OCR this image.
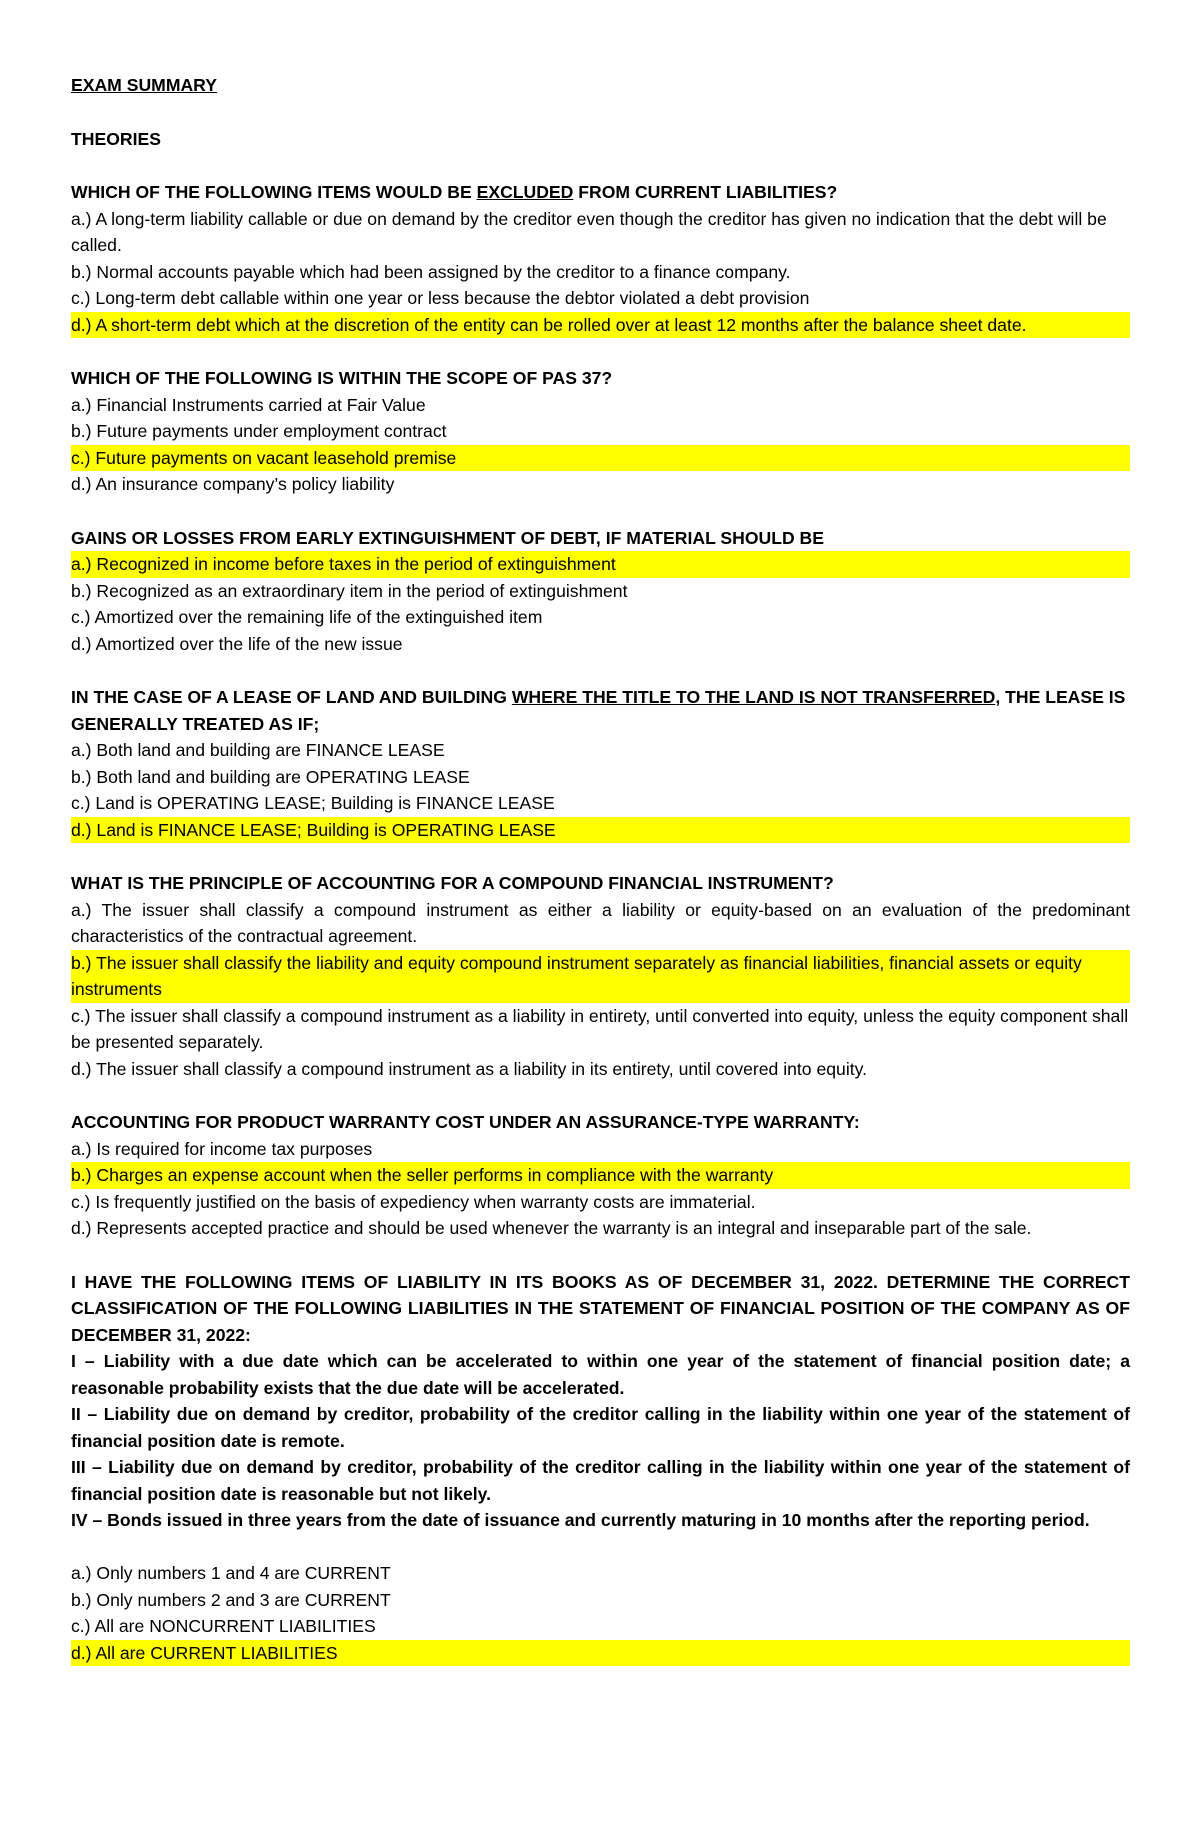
EXAM SUMMARY
THEORIES
WHICH OF THE FOLLOWING ITEMS WOULD BE EXCLUDED FROM CURRENT LIABILITIES?
a.) A long-term liability callable or due on demand by the creditor even though the creditor has given no indication that the debt will be called.
b.) Normal accounts payable which had been assigned by the creditor to a finance company.
c.) Long-term debt callable within one year or less because the debtor violated a debt provision
d.) A short-term debt which at the discretion of the entity can be rolled over at least 12 months after the balance sheet date.
WHICH OF THE FOLLOWING IS WITHIN THE SCOPE OF PAS 37?
a.) Financial Instruments carried at Fair Value
b.) Future payments under employment contract
c.) Future payments on vacant leasehold premise
d.) An insurance company’s policy liability
GAINS OR LOSSES FROM EARLY EXTINGUISHMENT OF DEBT, IF MATERIAL SHOULD BE
a.) Recognized in income before taxes in the period of extinguishment
b.) Recognized as an extraordinary item in the period of extinguishment
c.) Amortized over the remaining life of the extinguished item
d.) Amortized over the life of the new issue
IN THE CASE OF A LEASE OF LAND AND BUILDING WHERE THE TITLE TO THE LAND IS NOT TRANSFERRED, THE LEASE IS GENERALLY TREATED AS IF;
a.) Both land and building are FINANCE LEASE
b.) Both land and building are OPERATING LEASE
c.) Land is OPERATING LEASE; Building is FINANCE LEASE
d.) Land is FINANCE LEASE; Building is OPERATING LEASE
WHAT IS THE PRINCIPLE OF ACCOUNTING FOR A COMPOUND FINANCIAL INSTRUMENT?
a.) The issuer shall classify a compound instrument as either a liability or equity-based on an evaluation of the predominant characteristics of the contractual agreement.
b.) The issuer shall classify the liability and equity compound instrument separately as financial liabilities, financial assets or equity instruments
c.) The issuer shall classify a compound instrument as a liability in entirety, until converted into equity, unless the equity component shall be presented separately.
d.) The issuer shall classify a compound instrument as a liability in its entirety, until covered into equity.
ACCOUNTING FOR PRODUCT WARRANTY COST UNDER AN ASSURANCE-TYPE WARRANTY:
a.) Is required for income tax purposes
b.) Charges an expense account when the seller performs in compliance with the warranty
c.) Is frequently justified on the basis of expediency when warranty costs are immaterial.
d.) Represents accepted practice and should be used whenever the warranty is an integral and inseparable part of the sale.
I HAVE THE FOLLOWING ITEMS OF LIABILITY IN ITS BOOKS AS OF DECEMBER 31, 2022. DETERMINE THE CORRECT CLASSIFICATION OF THE FOLLOWING LIABILITIES IN THE STATEMENT OF FINANCIAL POSITION OF THE COMPANY AS OF DECEMBER 31, 2022:
I – Liability with a due date which can be accelerated to within one year of the statement of financial position date; a reasonable probability exists that the due date will be accelerated.
II – Liability due on demand by creditor, probability of the creditor calling in the liability within one year of the statement of financial position date is remote.
III – Liability due on demand by creditor, probability of the creditor calling in the liability within one year of the statement of financial position date is reasonable but not likely.
IV – Bonds issued in three years from the date of issuance and currently maturing in 10 months after the reporting period.
a.) Only numbers 1 and 4 are CURRENT
b.) Only numbers 2 and 3 are CURRENT
c.) All are NONCURRENT LIABILITIES
d.) All are CURRENT LIABILITIES
